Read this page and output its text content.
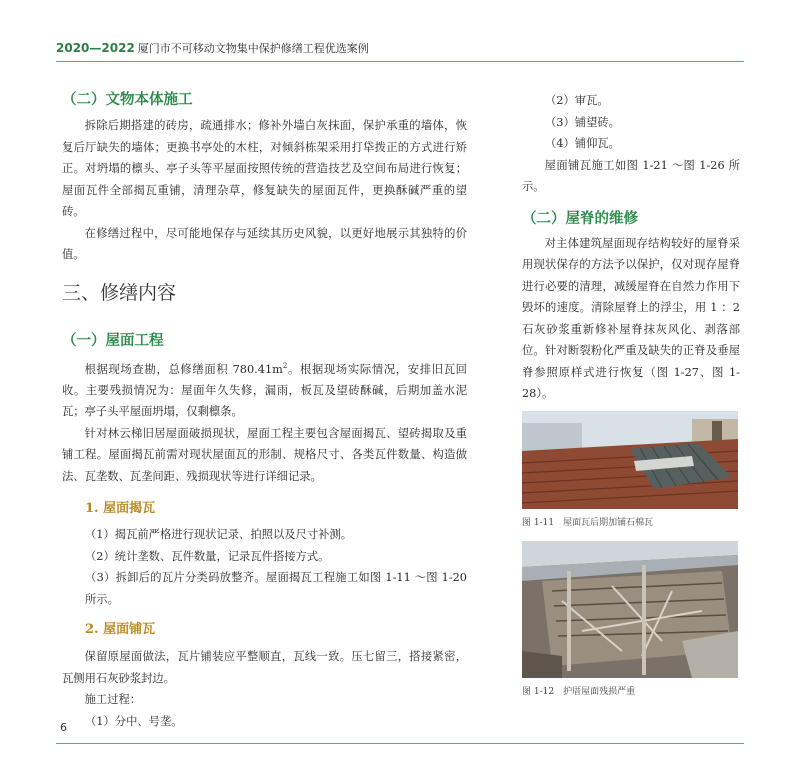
2020—2022 厦门市不可移动文物集中保护修缮工程优选案例
（二）文物本体施工

拆除后期搭建的砖房，疏通排水；修补外墙白灰抹面，保护承重的墙体，恢复后厅缺失的墙体；更换书亭处的木柱，对倾斜栋架采用打牮拨正的方式进行矫正。对坍塌的檩头、亭子头等平屋面按照传统的营造技艺及空间布局进行恢复；屋面瓦件全部揭瓦重铺，清理杂草，修复缺失的屋面瓦件，更换酥碱严重的望砖。

在修缮过程中，尽可能地保存与延续其历史风貌，以更好地展示其独特的价值。

三、修缮内容
（一）屋面工程

根据现场查勘，总修缮面积 $780.41m^2$。根据现场实际情况，安排旧瓦回收。主要残损情况为：屋面年久失修，漏雨，板瓦及望砖酥碱，后期加盖水泥瓦；亭子头平屋面坍塌，仅剩檩条。

针对林云梯旧居屋面破损现状，屋面工程主要包含屋面揭瓦、望砖揭取及重铺工程。屋面揭瓦前需对现状屋面瓦的形制、规格尺寸、各类瓦件数量、构造做法、瓦垄数、瓦垄间距、残损现状等进行详细记录。

1. 屋面揭瓦

（1）揭瓦前严格进行现状记录、拍照以及尺寸补测。

（2）统计垄数、瓦件数量，记录瓦件搭接方式。

（3）拆卸后的瓦片分类码放整齐。屋面揭瓦工程施工如图 1-11 ～图 1-20 所示。

2. 屋面铺瓦

保留原屋面做法，瓦片铺装应平整顺直，瓦线一致。压七留三，搭接紧密，瓦侧用石灰砂浆封边。

施工过程：

（1）分中、号垄。

（2）审瓦。

（3）铺望砖。

（4）铺仰瓦。

屋面铺瓦施工如图 1-21 ～图 1-26 所示。

（二）屋脊的维修

对主体建筑屋面现存结构较好的屋脊采用现状保存的方法予以保护，仅对现存屋脊进行必要的清理，减缓屋脊在自然力作用下毁坏的速度。清除屋脊上的浮尘，用 1 ：2 石灰砂浆重新修补屋脊抹灰风化、剥落部位。针对断裂粉化严重及缺失的正脊及垂屋脊参照原样式进行恢复（图 1-27、图 1-28）。

图 1-11　屋面瓦后期加铺石棉瓦
图 1-12　护厝屋面残损严重
6
